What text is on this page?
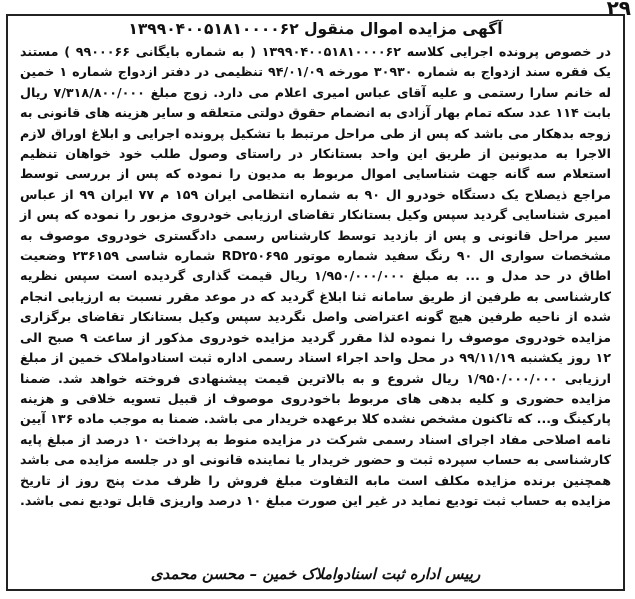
۲۹
آگهی مزایده اموال منقول ۱۳۹۹۰۴۰۰۵۱۸۱۰۰۰۰۶۲

در خصوص پرونده اجرایی کلاسه ۱۳۹۹۰۴۰۰۵۱۸۱۰۰۰۰۶۲ ( به شماره بایگانی ۹۹۰۰۰۶۶ ) مستند یک فقره سند ازدواج به شماره ۳۰۹۳۰ مورخه ۹۴/۰۱/۰۹ تنظیمی در دفتر ازدواج شماره ۱ خمین له خانم سارا رستمی و علیه آقای عباس امیری اعلام می دارد. زوج مبلغ ۷/۳۱۸/۸۰۰/۰۰۰ ریال بابت ۱۱۴ عدد سکه تمام بهار آزادی به انضمام حقوق دولتی متعلقه و سایر هزینه های قانونی به زوجه بدهکار می باشد که پس از طی مراحل مرتبط با تشکیل پرونده اجرایی و ابلاغ اوراق لازم الاجرا به مدیونین از طریق این واحد بستانکار در راستای وصول طلب خود خواهان تنظیم استعلام سه گانه جهت شناسایی اموال مربوط به مدیون را نموده که پس از بررسی توسط مراجع ذیصلاح یک دستگاه خودرو ال ۹۰ به شماره انتظامی ایران ۱۵۹ م ۷۷ ایران ۹۹ از عباس امیری شناسایی گردید سپس وکیل بستانکار تقاضای ارزیابی خودروی مزبور را نموده که پس از سیر مراحل قانونی و پس از بازدید توسط کارشناس رسمی دادگستری خودروی موصوف به مشخصات سواری ال ۹۰ رنگ سفید شماره موتور RD۲۵۰۶۹۵ شماره شاسی ۲۳۶۱۵۹ وضعیت اطاق در حد مدل و ... به مبلغ ۱/۹۵۰/۰۰۰/۰۰۰ ریال قیمت گذاری گردیده است سپس نظریه کارشناسی به طرفین از طریق سامانه ثنا ابلاغ گردید که در موعد مقرر نسبت به ارزیابی انجام شده از ناحیه طرفین هیچ گونه اعتراضی واصل نگردید سپس وکیل بستانکار تقاضای برگزاری مزایده خودروی موصوف را نموده لذا مقرر گردید مزایده خودروی مذکور از ساعت ۹ صبح الی ۱۲ روز یکشنبه ۹۹/۱۱/۱۹ در محل واحد اجراء اسناد رسمی اداره ثبت اسنادواملاک خمین از مبلغ ارزیابی ۱/۹۵۰/۰۰۰/۰۰۰ ریال شروع و به بالاترین قیمت پیشنهادی فروخته خواهد شد. ضمنا مزایده حضوری و کلیه بدهی های مربوط باخودروی موصوف از قبیل تسویه خلافی و هزینه پارکینگ و... که تاکنون مشخص نشده کلا برعهده خریدار می باشد. ضمنا به موجب ماده ۱۳۶ آیین نامه اصلاحی مفاد اجرای اسناد رسمی شرکت در مزایده منوط به پرداخت ۱۰ درصد از مبلغ پایه کارشناسی به حساب سپرده ثبت و حضور خریدار یا نماینده قانونی او در جلسه مزایده می باشد همچنین برنده مزایده مکلف است مابه التفاوت مبلغ فروش را ظرف مدت پنج روز از تاریخ مزایده به حساب ثبت تودیع نماید در غیر این صورت مبلغ ۱۰ درصد واریزی قابل تودیع نمی باشد.

رییس اداره ثبت اسنادواملاک خمین – محسن محمدی
